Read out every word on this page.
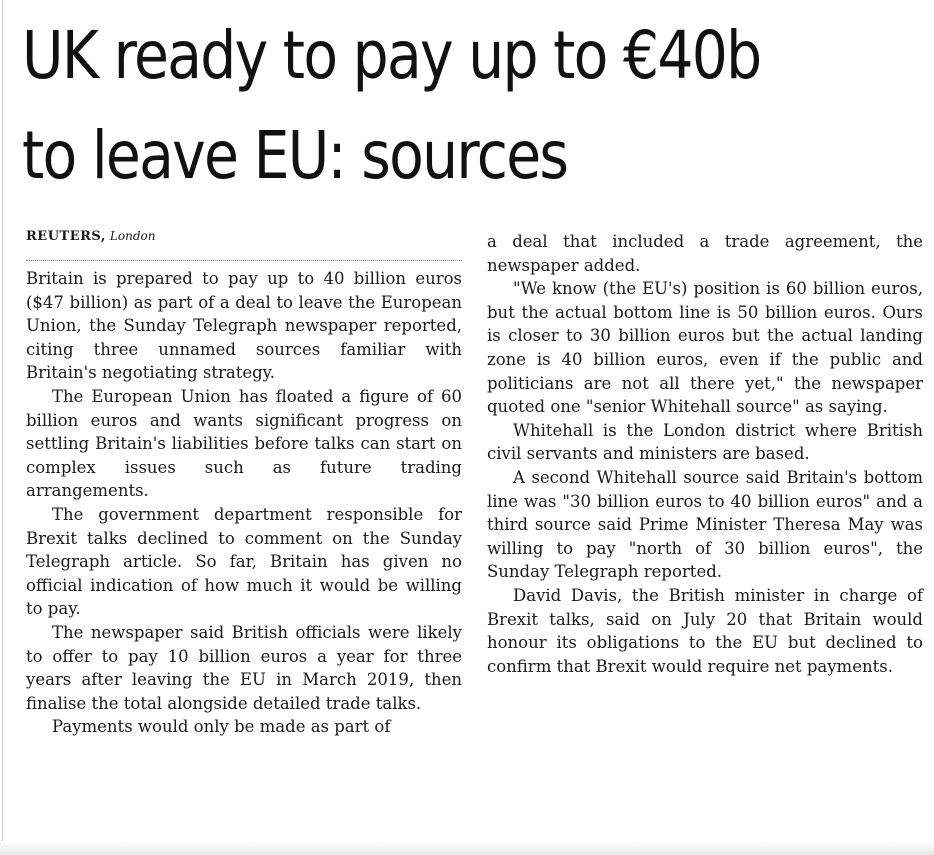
UK ready to pay up to €40b
to leave EU: sources
REUTERS, London

Britain is prepared to pay up to 40 billion euros ($47 billion) as part of a deal to leave the European Union, the Sunday Telegraph newspaper reported, citing three unnamed sources familiar with Britain's negotiating strategy.

The European Union has floated a figure of 60 billion euros and wants significant progress on settling Britain's liabilities before talks can start on complex issues such as future trading arrangements.

The government department responsible for Brexit talks declined to comment on the Sunday Telegraph article. So far, Britain has given no official indication of how much it would be willing to pay.

The newspaper said British officials were likely to offer to pay 10 billion euros a year for three years after leaving the EU in March 2019, then finalise the total alongside detailed trade talks.

Payments would only be made as part of

a deal that included a trade agreement, the newspaper added.

"We know (the EU's) position is 60 billion euros, but the actual bottom line is 50 billion euros. Ours is closer to 30 billion euros but the actual landing zone is 40 billion euros, even if the public and politicians are not all there yet," the newspaper quoted one "senior Whitehall source" as saying.

Whitehall is the London district where British civil servants and ministers are based.

A second Whitehall source said Britain's bottom line was "30 billion euros to 40 billion euros" and a third source said Prime Minister Theresa May was willing to pay "north of 30 billion euros", the Sunday Telegraph reported.

David Davis, the British minister in charge of Brexit talks, said on July 20 that Britain would honour its obligations to the EU but declined to confirm that Brexit would require net payments.
